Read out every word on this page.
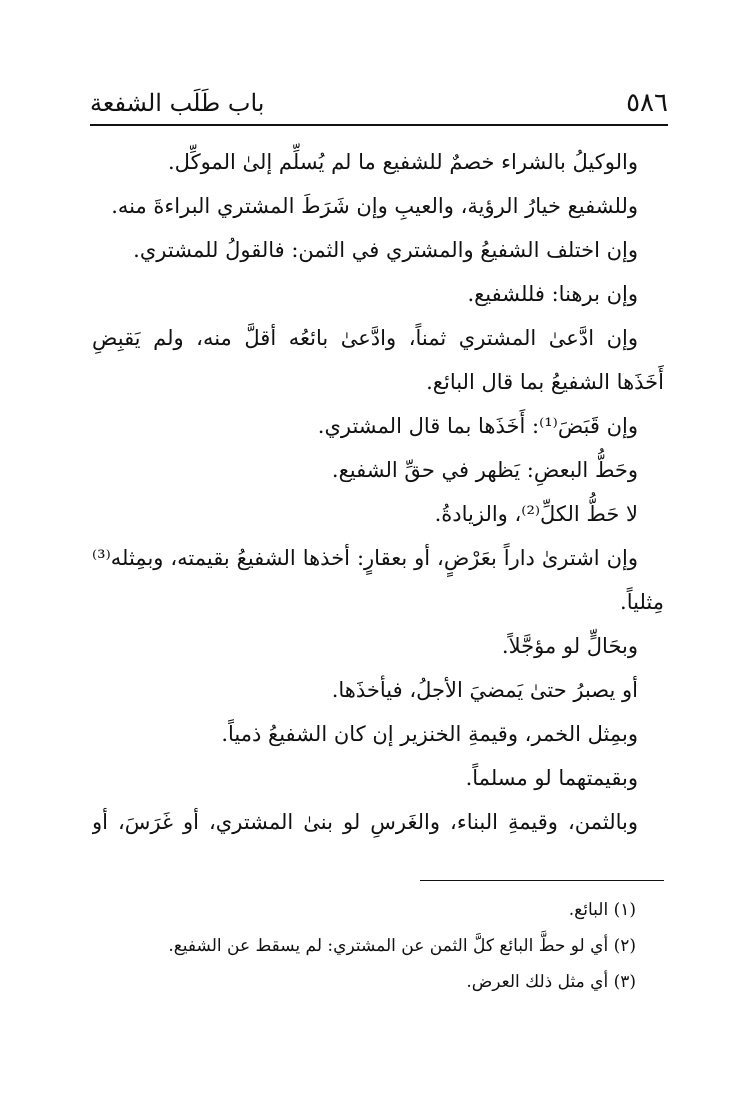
٥٨٦
باب طَلَب الشفعة
والوكيلُ بالشراء خصمٌ للشفيع ما لم يُسلِّم إلىٰ الموكِّل.
وللشفيع خيارُ الرؤية، والعيبِ وإن شَرَطَ المشتري البراءةَ منه.
وإن اختلف الشفيعُ والمشتري في الثمن: فالقولُ للمشتري.
وإن برهنا: فللشفيع.
وإن ادَّعىٰ المشتري ثمناً، وادَّعىٰ بائعُه أقلَّ منه، ولم يَقبِضِ
أَخَذَها الشفيعُ بما قال البائع.
وإن قَبَضَ⁽¹⁾: أَخَذَها بما قال المشتري.
وحَطُّ البعضِ: يَظهر في حقِّ الشفيع.
لا حَطُّ الكلِّ⁽²⁾، والزيادةُ.
وإن اشترىٰ داراً بعَرْضٍ، أو بعقارٍ: أخذها الشفيعُ بقيمته، وبمِثله⁽³⁾
مِثلياً.
وبحَالٍّ لو مؤجَّلاً.
أو يصبرُ حتىٰ يَمضيَ الأجلُ، فيأخذَها.
وبمِثل الخمر، وقيمةِ الخنزير إن كان الشفيعُ ذمياً.
وبقيمتهما لو مسلماً.
وبالثمن، وقيمةِ البناء، والغَرسِ لو بنىٰ المشتري، أو غَرَسَ، أو
(١) البائع.
(٢) أي لو حطَّ البائع كلَّ الثمن عن المشتري: لم يسقط عن الشفيع.
(٣) أي مثل ذلك العرض.
